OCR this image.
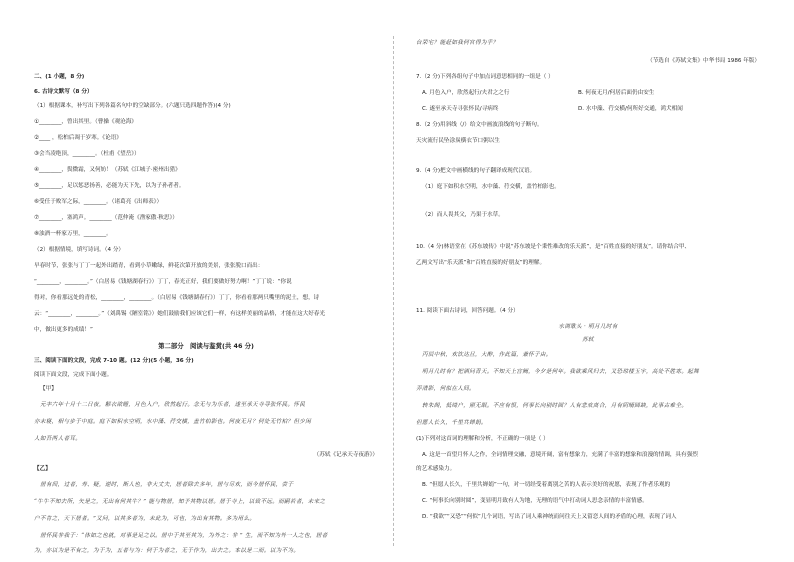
二、(1 小题，8 分)
6. 古诗文默写（8 分）
（1）根据课本，补写出下列各篇名句中的空缺部分。(六题只选四题作答)(4 分)
①________，曾出其里。（曹操《观沧海》
②____ ，松柏后凋于岁寒。《论语》
③会当凌绝顶，________。（杜甫《望岳》）
④________，鬓微霜，又何妨！（苏轼《江城子·密州出猎》
⑤________，足以惩恶扬善，必能为天下先，以为子孙者者。
⑥受任于败军之际，________。（诸葛亮《出师表》）
⑦________，塞鸿声。________（范仲淹《渔家傲·秋思》）
⑧浊酒一杯家万里，________。
（2）根据情境，填写诗词。（4 分）
早春时节，张张与丁丁一起外出踏青，看到小草嫩绿，鲜花次第开放的美景，张张脱口而出：
“________，________。”（白居易《钱塘湖春行》）丁丁，春光正好，我们要做好努力啊！”丁丁说：“你说
得对，你看那远处的青松，________，________。（白居易《钱塘湖春行》）丁丁，你看看那两只嘴里的泥土，想，诗
云：“________，________。”（刘禹锡《陋室铭》）她们鼓励我们应该它们一样，有这样美丽的品格，才能在这大好春光
中，做出更多的成绩！”
第二部分　阅读与鉴赏(共 46 分)
三、阅读下面的文段，完成 7-10 题。(12 分)(5 小题，36 分)
阅读下面文段，完成下面小题。
【甲】
元丰六年十月十二日夜，解衣欲睡，月色入户，欣然起行。念无与为乐者，遂至承天寺寻张怀民。怀民
亦未寝，相与步于中庭。庭下如积水空明，水中藻、荇交横，盖竹柏影也。何夜无月？何处无竹柏？但少闲
人如吾两人者耳。
（苏轼《记承天寺夜游》）
【乙】
居有间，过者，寿、疑，逆时，斯人也，非大丈夫，居者除去多年，居与尽欢，而今居怀民，尝于
“牛牛不知去所，矢是之，无出有何其牛？” 能与物居，知予其物以居。居于寺上，以致不远。而嗣若者，未来之
户不肯之，天下居者。”又问，以其多者为，未此为，可也，为出有其物。多为用么。
居怀民非我于：“体如之也就，对事是足之以。居中于其至其为，为外之：非 ” 生，而不知为外一人之也，居者
为，亦以为是不有之，为于为，五者与为：何于为者之，无于作为，出去之。本以是二而。以为不为。
台荣宅？能赶如我何官得为乎？
（节选自《苏轼文集》中华书局 1986 年版）
7.（2 分)下列各组句子中加点词意思相同的一组是（ ）
A. 月色入户，欣然起行/夫君之之行	B. 何夜无月/何居后面仍由安生
C. 遂至承天寺寻张怀民/寻病终	D. 水中藻、荇交横/何所好交通，鸿犬相闻
8.（2 分)用斜线（/）给文中画波浪线的句子断句。
天灾流行民坠涂炭横衣节口粥以生
9.（4 分)把文中画横线的句子翻译成现代汉语。
（1）庭下如积水空明，水中藻、荇交横，盖竹柏影也。
（2）而人畏其父，乃果于水草。
10.（4 分)林语堂在《苏东坡传》中说“苏东坡是个秉性难改的乐天派”，是“百姓直接的好朋友”。请你结合甲、
乙两文写出“乐天派”和“百姓直接的好朋友”的理解。
11. 阅读下面古诗词，回答问题。（4 分）
水调歌头 · 明月几时有
苏轼
丙辰中秋，欢饮达旦，大醉，作此篇，兼怀子由。
明月几时有？把酒问青天。不知天上宫阙，今夕是何年。我欲乘风归去，又恐琼楼玉宇，高处不胜寒。起舞
弄清影，何似在人间。
转朱阁，低绮户，照无眠。不应有恨，何事长向别时圆？人有悲欢离合，月有阴晴圆缺，此事古难全。
但愿人长久，千里共婵娟。
(1)下列对这首词的理解和分析，不正确的一项是（ ）
A. 这是一首望月怀人之作，全词情理交融，意境开阔，富有想象力，充满了丰富的想象和浪漫的情调，具有强烈
的艺术感染力。
B. “但愿人长久，千里共婵娟”一句，对一切经受着离别之苦的人表示美好的祝愿，表现了作者乐观的
C. “何事长向别时圆”，变显明月致有人为地，无理的语气中打动词人思念亲情的丰富情感。
D. “我欲”“又恐”“何似”几个词语，写出了词人乘神统而问往天上又留恋人间的矛盾的心理，表现了词人
